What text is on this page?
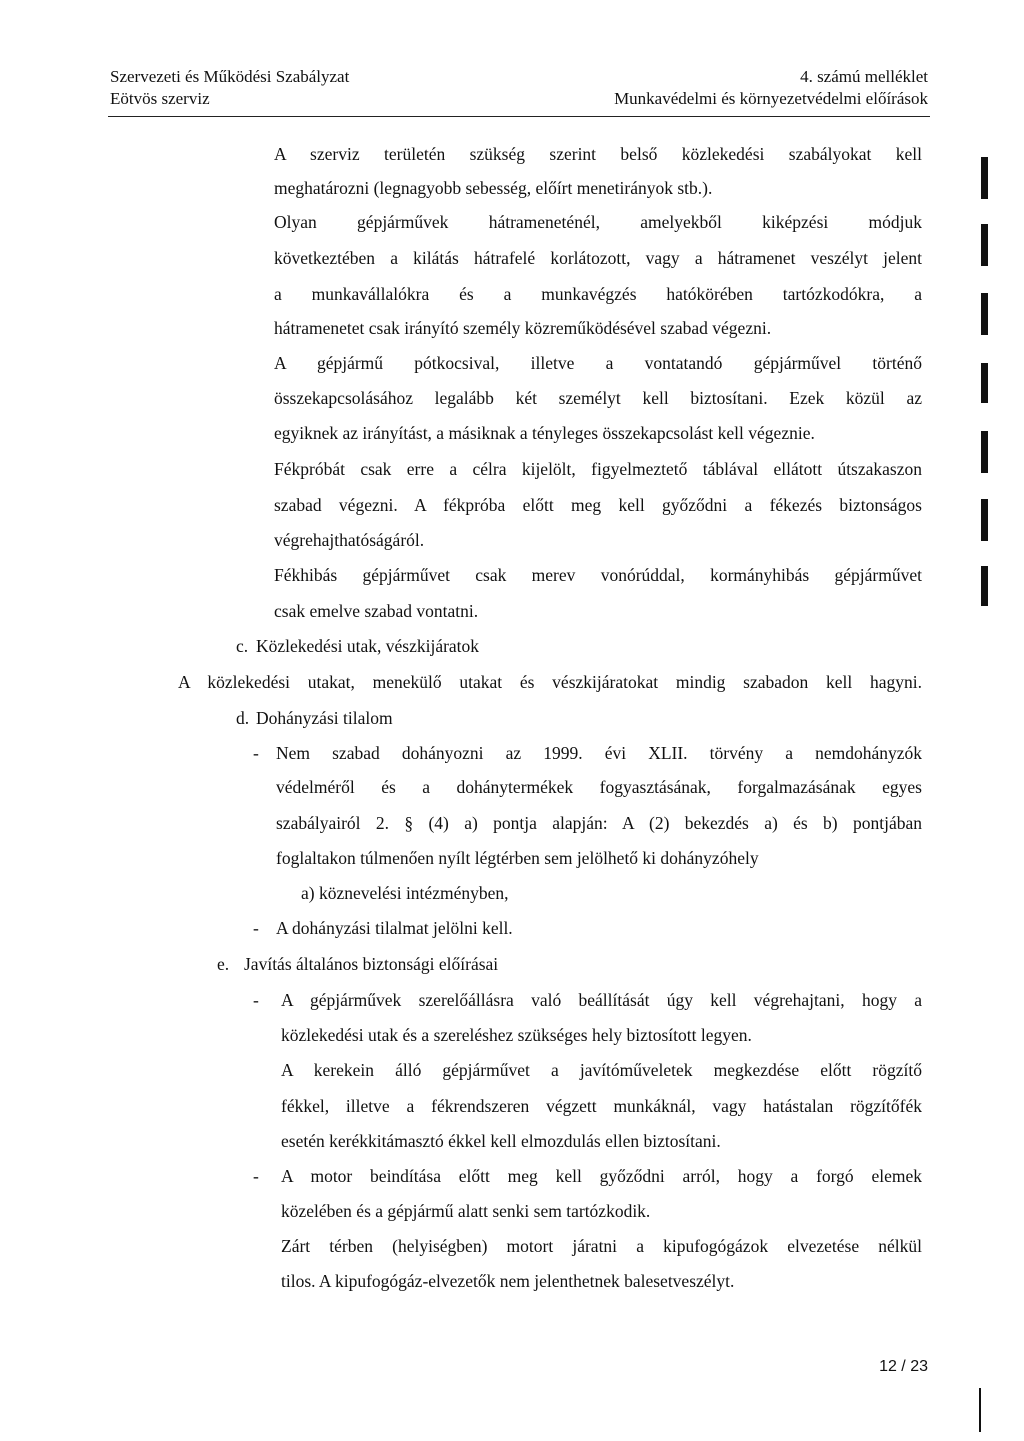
Szervezeti és Működési Szabályzat
Eötvös szerviz
4. számú melléklet
Munkavédelmi és környezetvédelmi előírások
A szerviz területén szükség szerint belső közlekedési szabályokat kell
meghatározni (legnagyobb sebesség, előírt menetirányok stb.).
Olyan gépjárművek hátrameneténél, amelyekből kiképzési módjuk
következtében a kilátás hátrafelé korlátozott, vagy a hátramenet veszélyt jelent
a munkavállalókra és a munkavégzés hatókörében tartózkodókra, a
hátramenetet csak irányító személy közreműködésével szabad végezni.
A gépjármű pótkocsival, illetve a vontatandó gépjárművel történő
összekapcsolásához legalább két személyt kell biztosítani. Ezek közül az
egyiknek az irányítást, a másiknak a tényleges összekapcsolást kell végeznie.
Fékpróbát csak erre a célra kijelölt, figyelmeztető táblával ellátott útszakaszon
szabad végezni. A fékpróba előtt meg kell győződni a fékezés biztonságos
végrehajthatóságáról.
Fékhibás gépjárművet csak merev vonórúddal, kormányhibás gépjárművet
csak emelve szabad vontatni.
c. Közlekedési utak, vészkijáratok
A közlekedési utakat, menekülő utakat és vészkijáratokat mindig szabadon kell hagyni.
d. Dohányzási tilalom
- Nem szabad dohányozni az 1999. évi XLII. törvény a nemdohányzók
védelméről és a dohánytermékek fogyasztásának, forgalmazásának egyes
szabályairól 2. § (4) a) pontja alapján: A (2) bekezdés a) és b) pontjában
foglaltakon túlmenően nyílt légtérben sem jelölhető ki dohányzóhely
a) köznevelési intézményben,
- A dohányzási tilalmat jelölni kell.
e. Javítás általános biztonsági előírásai
- A gépjárművek szerelőállásra való beállítását úgy kell végrehajtani, hogy a
közlekedési utak és a szereléshez szükséges hely biztosított legyen.
A kerekein álló gépjárművet a javítóműveletek megkezdése előtt rögzítő
fékkel, illetve a fékrendszeren végzett munkáknál, vagy hatástalan rögzítőfék
esetén kerékkitámasztó ékkel kell elmozdulás ellen biztosítani.
- A motor beindítása előtt meg kell győződni arról, hogy a forgó elemek
közelében és a gépjármű alatt senki sem tartózkodik.
Zárt térben (helyiségben) motort járatni a kipufogógázok elvezetése nélkül
tilos. A kipufogógáz-elvezetők nem jelenthetnek balesetveszélyt.
12 / 23
